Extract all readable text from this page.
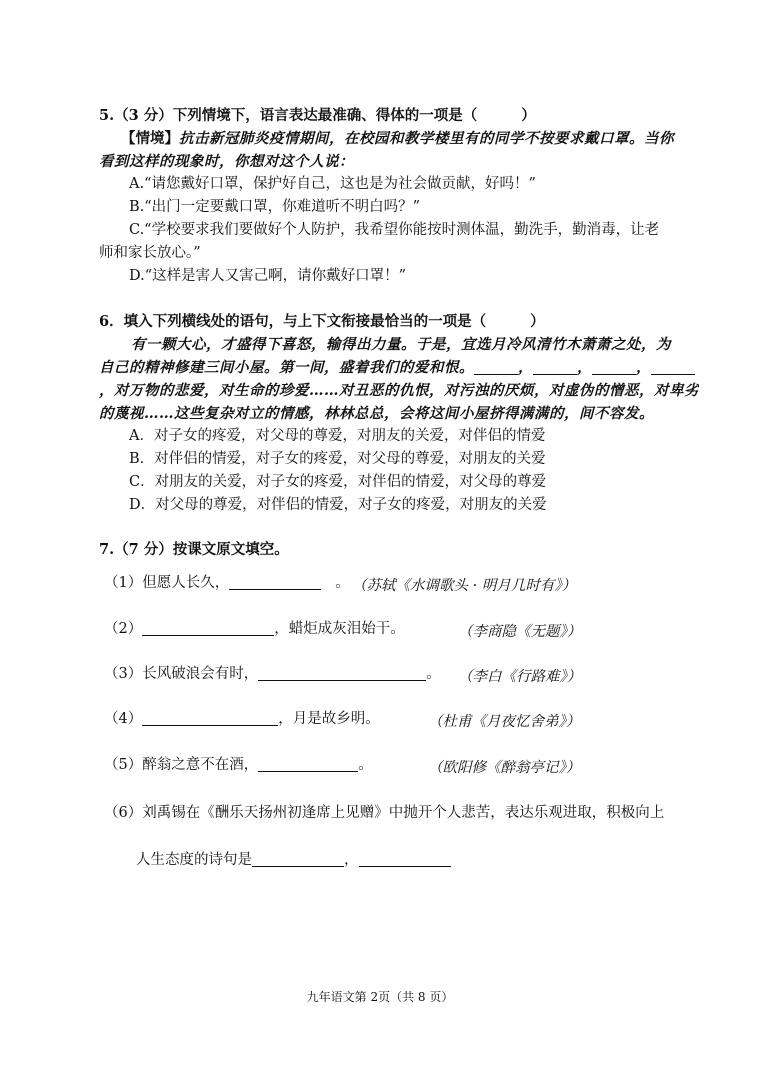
5.（3 分）下列情境下，语言表达最准确、得体的一项是（	）
【情境】抗击新冠肺炎疫情期间，在校园和教学楼里有的同学不按要求戴口罩。当你
看到这样的现象时，你想对这个人说：
A.“请您戴好口罩，保护好自己，这也是为社会做贡献，好吗！”
B.“出门一定要戴口罩，你难道听不明白吗？”
C.“学校要求我们要做好个人防护，我希望你能按时测体温，勤洗手，勤消毒，让老
师和家长放心。”
D.“这样是害人又害己啊，请你戴好口罩！”
6．填入下列横线处的语句，与上下文衔接最恰当的一项是（	）
有一颗大心，才盛得下喜怒，输得出力量。于是，宜选月冷风清竹木萧萧之处，为
自己的精神修建三间小屋。第一间，盛着我们的爱和恨。	，	，	，
，对万物的悲爱，对生命的珍爱……对丑恶的仇恨，对污浊的厌烦，对虚伪的憎恶，对卑劣
的蔑视……这些复杂对立的情感，林林总总，会将这间小屋挤得满满的，间不容发。
A．对子女的疼爱，对父母的尊爱，对朋友的关爱，对伴侣的情爱
B．对伴侣的情爱，对子女的疼爱，对父母的尊爱，对朋友的关爱
C．对朋友的关爱，对子女的疼爱，对伴侣的情爱，对父母的尊爱
D．对父母的尊爱，对伴侣的情爱，对子女的疼爱，对朋友的关爱
7.（7 分）按课文原文填空。
（1）但愿人长久，	。 （苏轼《水调歌头 · 明月几时有》）
（2）	，蜡炬成灰泪始干。	（李商隐《无题》）
（3）长风破浪会有时，	。 （李白《行路难》）
（4）	，月是故乡明。	（杜甫《月夜忆舍弟》）
（5）醉翁之意不在酒，	。	（欧阳修《醉翁亭记》）
（6）刘禹锡在《酬乐天扬州初逢席上见赠》中抛开个人悲苦，表达乐观进取，积极向上
人生态度的诗句是	，
九年语文第 2页（共 8 页）
